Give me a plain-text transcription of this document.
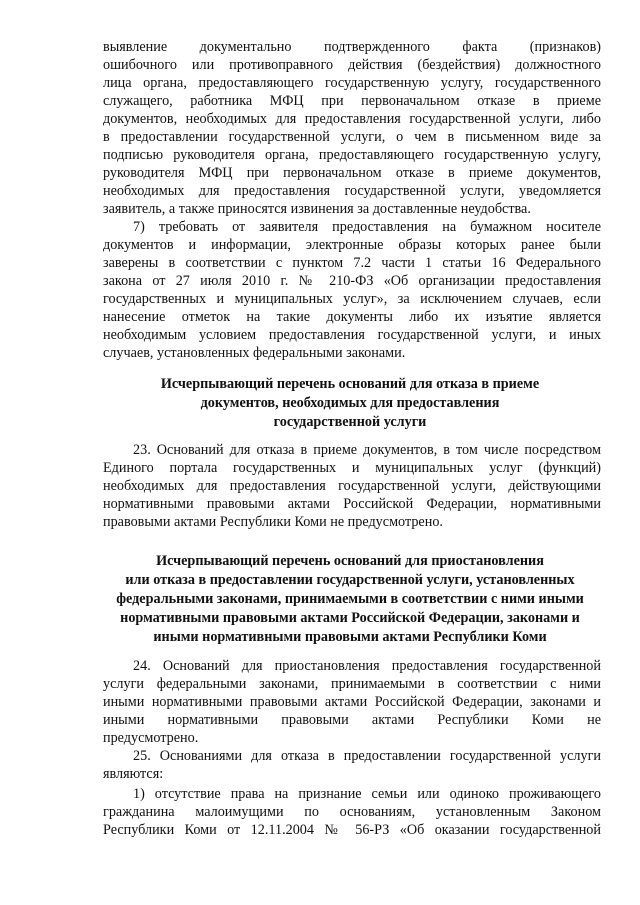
выявление документально подтвержденного факта (признаков)
ошибочного или противоправного действия (бездействия) должностного
лица органа, предоставляющего государственную услугу, государственного
служащего, работника МФЦ при первоначальном отказе в приеме
документов, необходимых для предоставления государственной услуги, либо
в предоставлении государственной услуги, о чем в письменном виде за
подписью руководителя органа, предоставляющего государственную услугу,
руководителя МФЦ при первоначальном отказе в приеме документов,
необходимых для предоставления государственной услуги, уведомляется
заявитель, а также приносятся извинения за доставленные неудобства.
7) требовать от заявителя предоставления на бумажном носителе
документов и информации, электронные образы которых ранее были
заверены в соответствии с пунктом 7.2 части 1 статьи 16 Федерального
закона от 27 июля 2010 г. № 210-ФЗ «Об организации предоставления
государственных и муниципальных услуг», за исключением случаев, если
нанесение отметок на такие документы либо их изъятие является
необходимым условием предоставления государственной услуги, и иных
случаев, установленных федеральными законами.
Исчерпывающий перечень оснований для отказа в приеме
документов, необходимых для предоставления
государственной услуги
23. Оснований для отказа в приеме документов, в том числе посредством
Единого портала государственных и муниципальных услуг (функций)
необходимых для предоставления государственной услуги, действующими
нормативными правовыми актами Российской Федерации, нормативными
правовыми актами Республики Коми не предусмотрено.
Исчерпывающий перечень оснований для приостановления
или отказа в предоставлении государственной услуги, установленных
федеральными законами, принимаемыми в соответствии с ними иными
нормативными правовыми актами Российской Федерации, законами и
иными нормативными правовыми актами Республики Коми
24. Оснований для приостановления предоставления государственной
услуги федеральными законами, принимаемыми в соответствии с ними
иными нормативными правовыми актами Российской Федерации, законами и
иными нормативными правовыми актами Республики Коми не
предусмотрено.
25. Основаниями для отказа в предоставлении государственной услуги
являются:
1) отсутствие права на признание семьи или одиноко проживающего
гражданина малоимущими по основаниям, установленным Законом
Республики Коми от 12.11.2004 № 56-РЗ «Об оказании государственной
